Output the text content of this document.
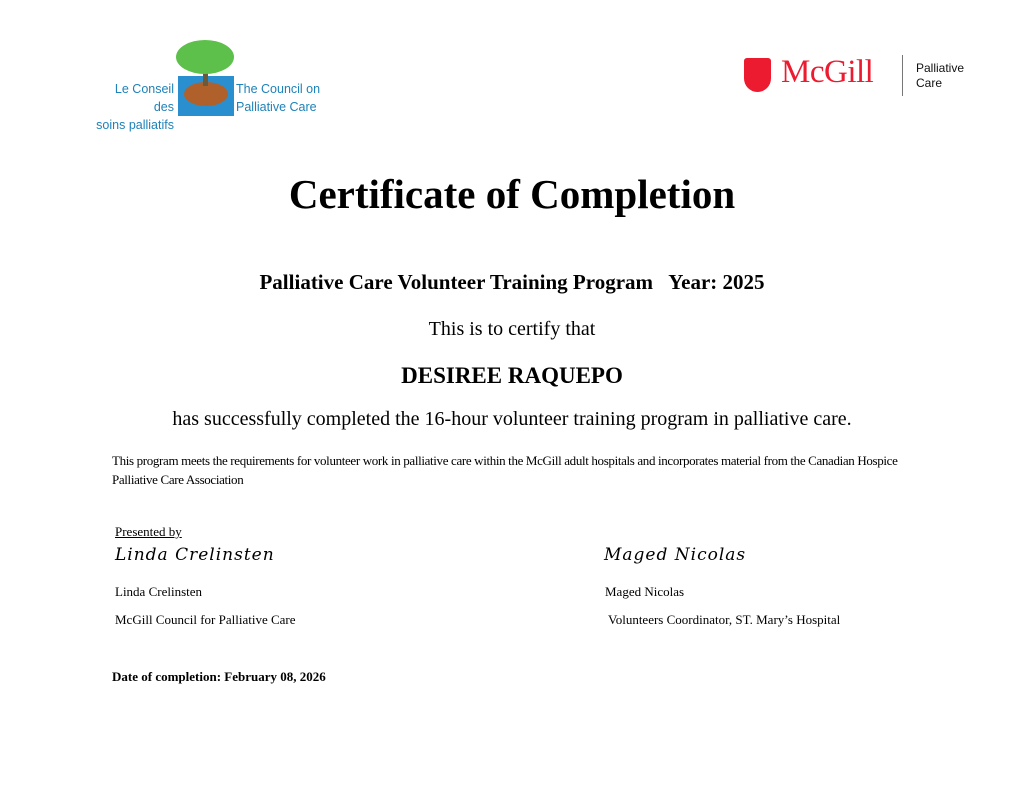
Le Conseil des
soins palliatifs
The Council on
Palliative Care
McGill	Palliative
Care
Certificate of Completion
Palliative Care Volunteer Training Program Year: 2025
This is to certify that
DESIREE RAQUEPO
has successfully completed the 16-hour volunteer training program in palliative care.
This program meets the requirements for volunteer work in palliative care within the McGill adult hospitals and incorporates material from the Canadian Hospice Palliative Care Association
Presented by
Linda Crelinsten
Linda Crelinsten
McGill Council for Palliative Care
Maged Nicolas
Maged Nicolas
Volunteers Coordinator, ST. Mary’s Hospital
Date of completion: February 08, 2026
